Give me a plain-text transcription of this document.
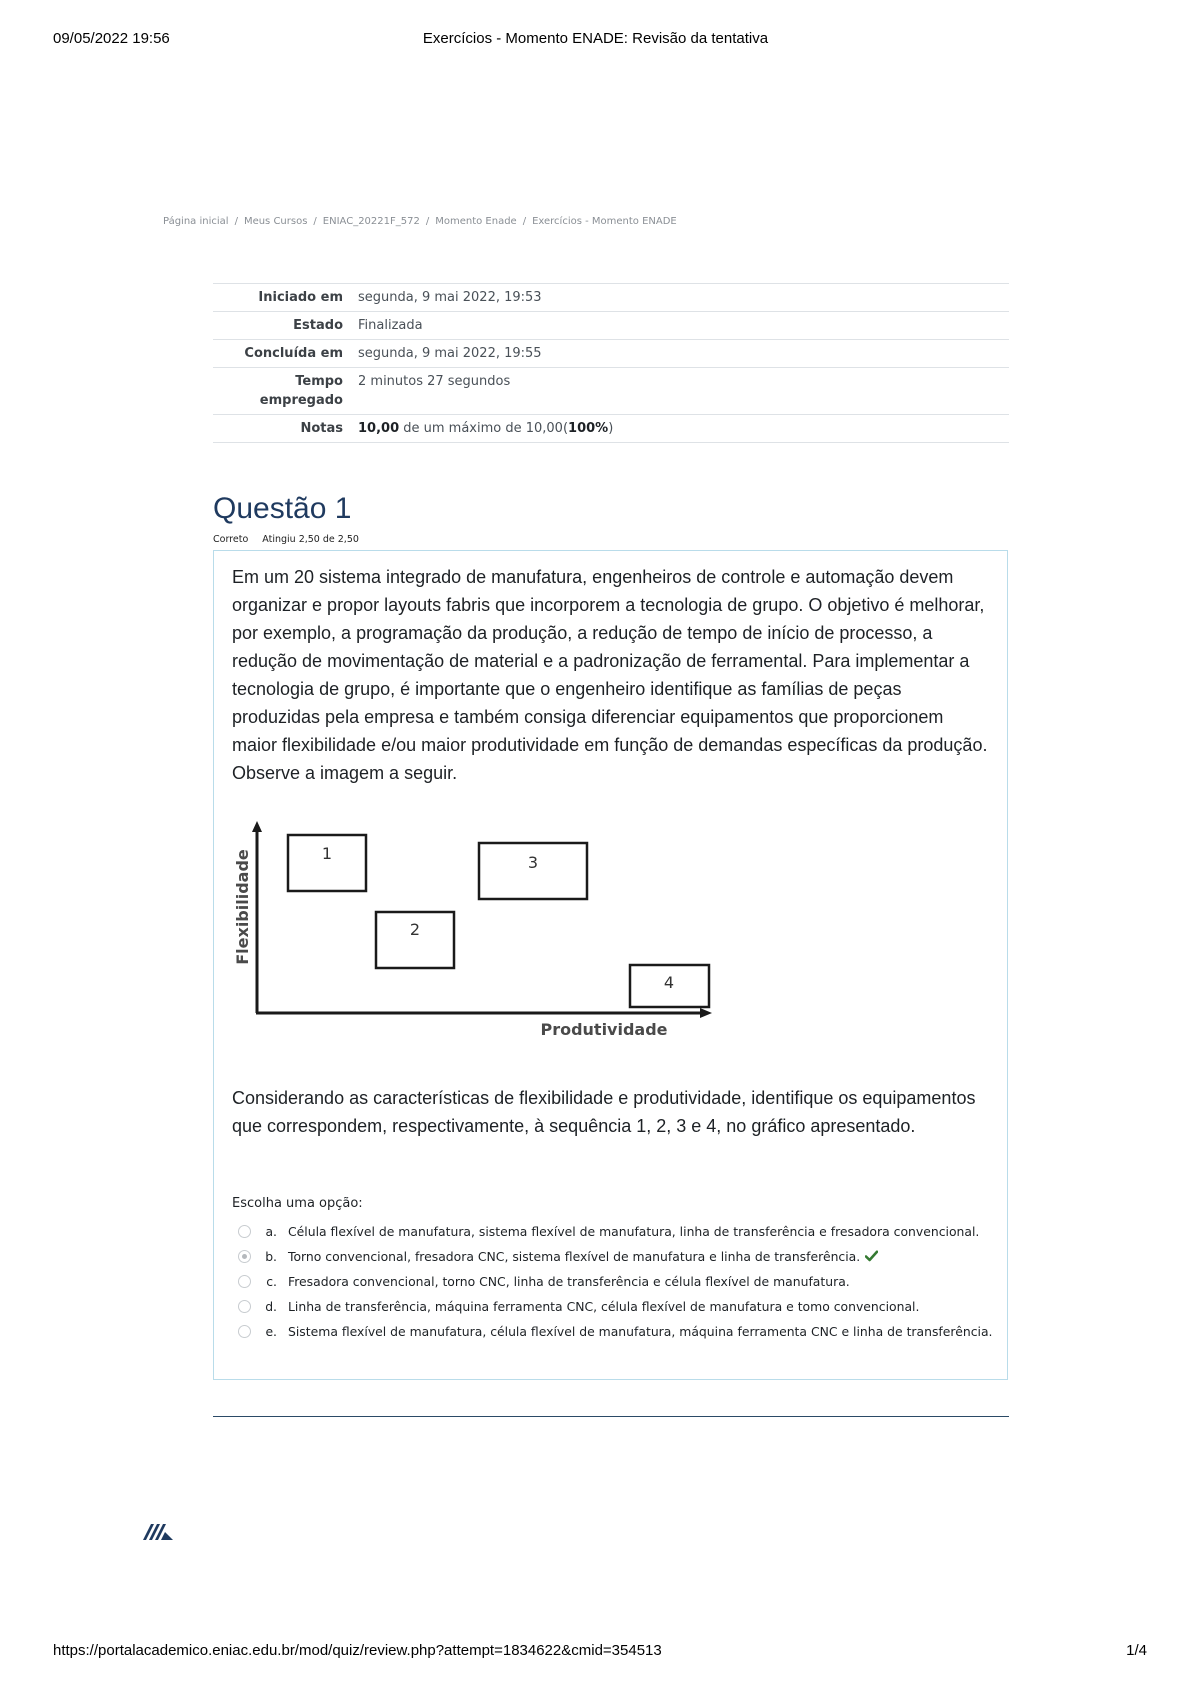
09/05/2022 19:56	Exercícios - Momento ENADE: Revisão da tentativa
Página inicial / Meus Cursos / ENIAC_20221F_572 / Momento Enade / Exercícios - Momento ENADE
Iniciado em	segunda, 9 mai 2022, 19:53
Estado	Finalizada
Concluída em	segunda, 9 mai 2022, 19:55
Tempo
empregado	2 minutos 27 segundos
Notas	10,00 de um máximo de 10,00(100%)
Questão 1
Correto Atingiu 2,50 de 2,50
Em um 20 sistema integrado de manufatura, engenheiros de controle e automação devem organizar e propor layouts fabris que incorporem a tecnologia de grupo. O objetivo é melhorar, por exemplo, a programação da produção, a redução de tempo de início de processo, a redução de movimentação de material e a padronização de ferramental. Para implementar a tecnologia de grupo, é importante que o engenheiro identifique as famílias de peças produzidas pela empresa e também consiga diferenciar equipamentos que proporcionem maior flexibilidade e/ou maior produtividade em função de demandas específicas da produção. Observe a imagem a seguir.
Flexibilidade
Produtividade
1
2
3
4
Considerando as características de flexibilidade e produtividade, identifique os equipamentos que correspondem, respectivamente, à sequência 1, 2, 3 e 4, no gráfico apresentado.
Escolha uma opção:
a. Célula flexível de manufatura, sistema flexível de manufatura, linha de transferência e fresadora convencional.
b. Torno convencional, fresadora CNC, sistema flexível de manufatura e linha de transferência.
c. Fresadora convencional, torno CNC, linha de transferência e célula flexível de manufatura.
d. Linha de transferência, máquina ferramenta CNC, célula flexível de manufatura e tomo convencional.
e. Sistema flexível de manufatura, célula flexível de manufatura, máquina ferramenta CNC e linha de transferência.
https://portalacademico.eniac.edu.br/mod/quiz/review.php?attempt=1834622&cmid=354513	1/4
